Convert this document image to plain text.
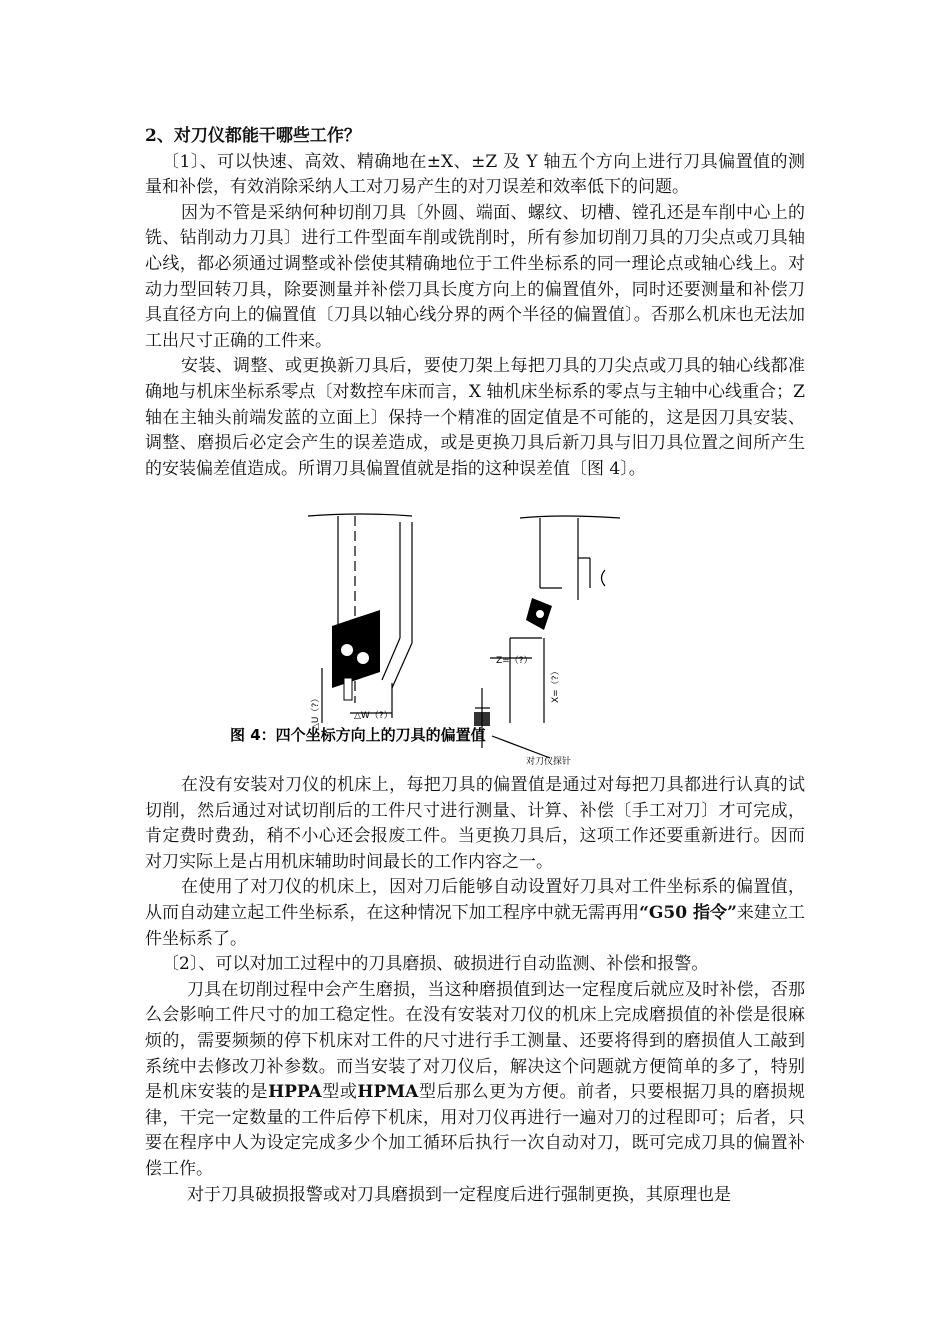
2、对刀仪都能干哪些工作？

〔1〕、可以快速、高效、精确地在±X、±Z 及 Y 轴五个方向上进行刀具偏置值的测量和补偿，有效消除采纳人工对刀易产生的对刀误差和效率低下的问题。

因为不管是采纳何种切削刀具〔外圆、端面、螺纹、切槽、镗孔还是车削中心上的铣、钻削动力刀具〕进行工件型面车削或铣削时，所有参加切削刀具的刀尖点或刀具轴心线，都必须通过调整或补偿使其精确地位于工件坐标系的同一理论点或轴心线上。对动力型回转刀具，除要测量并补偿刀具长度方向上的偏置值外，同时还要测量和补偿刀具直径方向上的偏置值〔刀具以轴心线分界的两个半径的偏置值〕。否那么机床也无法加工出尺寸正确的工件来。

安装、调整、或更换新刀具后，要使刀架上每把刀具的刀尖点或刀具的轴心线都准确地与机床坐标系零点〔对数控车床而言，X 轴机床坐标系的零点与主轴中心线重合；Z 轴在主轴头前端发蓝的立面上〕保持一个精准的固定值是不可能的，这是因刀具安装、调整、磨损后必定会产生的误差造成，或是更换刀具后新刀具与旧刀具位置之间所产生的安装偏差值造成。所谓刀具偏置值就是指的这种误差值〔图 4〕。

△W（?）
△U（?）
Z=（?）
X=（?）
对刀仪探针
图 4：四个坐标方向上的刀具的偏置值

在没有安装对刀仪的机床上，每把刀具的偏置值是通过对每把刀具都进行认真的试切削，然后通过对试切削后的工件尺寸进行测量、计算、补偿〔手工对刀〕才可完成，肯定费时费劲，稍不小心还会报废工件。当更换刀具后，这项工作还要重新进行。因而对刀实际上是占用机床辅助时间最长的工作内容之一。

在使用了对刀仪的机床上，因对刀后能够自动设置好刀具对工件坐标系的偏置值，从而自动建立起工件坐标系，在这种情况下加工程序中就无需再用“G50 指令”来建立工件坐标系了。

〔2〕、可以对加工过程中的刀具磨损、破损进行自动监测、补偿和报警。

刀具在切削过程中会产生磨损，当这种磨损值到达一定程度后就应及时补偿，否那么会影响工件尺寸的加工稳定性。在没有安装对刀仪的机床上完成磨损值的补偿是很麻烦的，需要频频的停下机床对工件的尺寸进行手工测量、还要将得到的磨损值人工敲到系统中去修改刀补参数。而当安装了对刀仪后，解决这个问题就方便简单的多了，特别是机床安装的是HPPA型或HPMA型后那么更为方便。前者，只要根据刀具的磨损规律，干完一定数量的工件后停下机床，用对刀仪再进行一遍对刀的过程即可；后者，只要在程序中人为设定完成多少个加工循环后执行一次自动对刀，既可完成刀具的偏置补偿工作。

对于刀具破损报警或对刀具磨损到一定程度后进行强制更换，其原理也是
